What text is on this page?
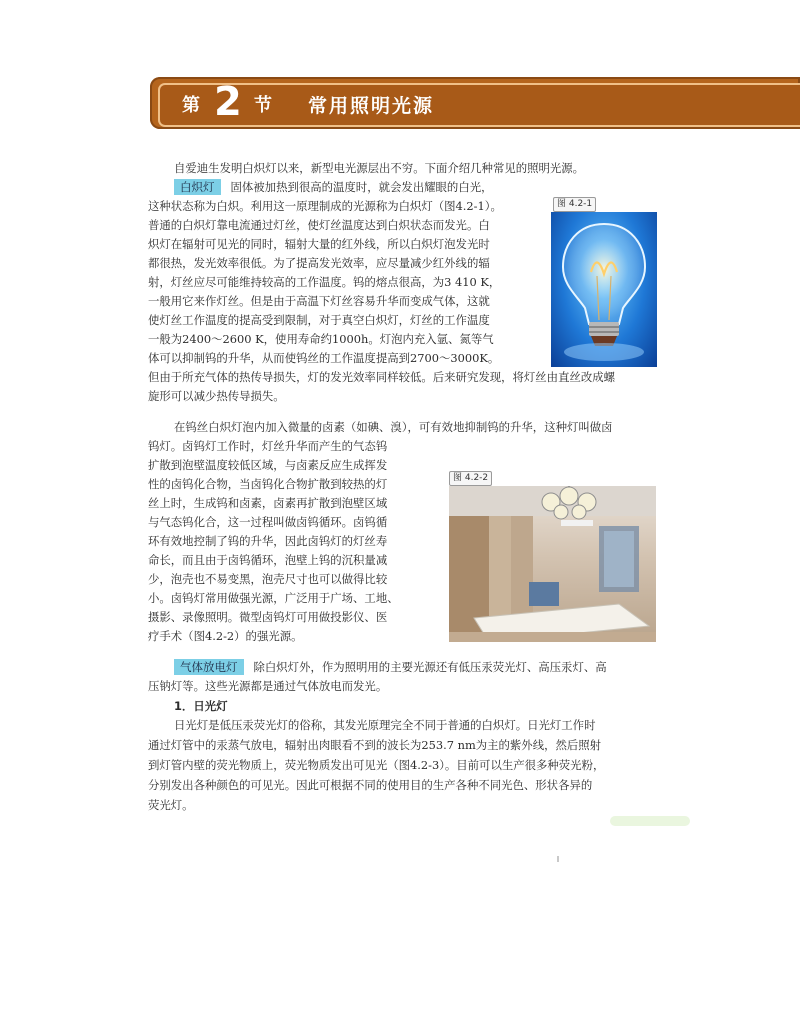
第 2 节 常用照明光源
自爱迪生发明白炽灯以来，新型电光源层出不穷。下面介绍几种常见的照明光源。
白炽灯 固体被加热到很高的温度时，就会发出耀眼的白光，
这种状态称为白炽。利用这一原理制成的光源称为白炽灯（图4.2-1）。
普通的白炽灯靠电流通过灯丝，使灯丝温度达到白炽状态而发光。白
炽灯在辐射可见光的同时，辐射大量的红外线，所以白炽灯泡发光时
都很热，发光效率很低。为了提高发光效率，应尽量减少红外线的辐
射，灯丝应尽可能维持较高的工作温度。钨的熔点很高，为3 410 K，
一般用它来作灯丝。但是由于高温下灯丝容易升华而变成气体，这就
使灯丝工作温度的提高受到限制，对于真空白炽灯，灯丝的工作温度
一般为2400～2600 K，使用寿命约1000h。灯泡内充入氩、氮等气
体可以抑制钨的升华，从而使钨丝的工作温度提高到2700～3000K。
但由于所充气体的热传导损失，灯的发光效率同样较低。后来研究发现，将灯丝由直丝改成螺
旋形可以减少热传导损失。
图 4.2-1
在钨丝白炽灯泡内加入微量的卤素（如碘、溴），可有效地抑制钨的升华，这种灯叫做卤
钨灯。卤钨灯工作时，灯丝升华而产生的气态钨
扩散到泡壁温度较低区域，与卤素反应生成挥发
性的卤钨化合物，当卤钨化合物扩散到较热的灯
丝上时，生成钨和卤素，卤素再扩散到泡壁区域
与气态钨化合，这一过程叫做卤钨循环。卤钨循
环有效地控制了钨的升华，因此卤钨灯的灯丝寿
命长，而且由于卤钨循环，泡壁上钨的沉积量减
少，泡壳也不易变黑，泡壳尺寸也可以做得比较
小。卤钨灯常用做强光源，广泛用于广场、工地、
摄影、录像照明。微型卤钨灯可用做投影仪、医
疗手术（图4.2-2）的强光源。
图 4.2-2
气体放电灯 除白炽灯外，作为照明用的主要光源还有低压汞荧光灯、高压汞灯、高
压钠灯等。这些光源都是通过气体放电而发光。
1．日光灯
日光灯是低压汞荧光灯的俗称，其发光原理完全不同于普通的白炽灯。日光灯工作时
通过灯管中的汞蒸气放电，辐射出肉眼看不到的波长为253.7 nm为主的紫外线，然后照射
到灯管内壁的荧光物质上，荧光物质发出可见光（图4.2-3）。目前可以生产很多种荧光粉，
分别发出各种颜色的可见光。因此可根据不同的使用目的生产各种不同光色、形状各异的
荧光灯。
